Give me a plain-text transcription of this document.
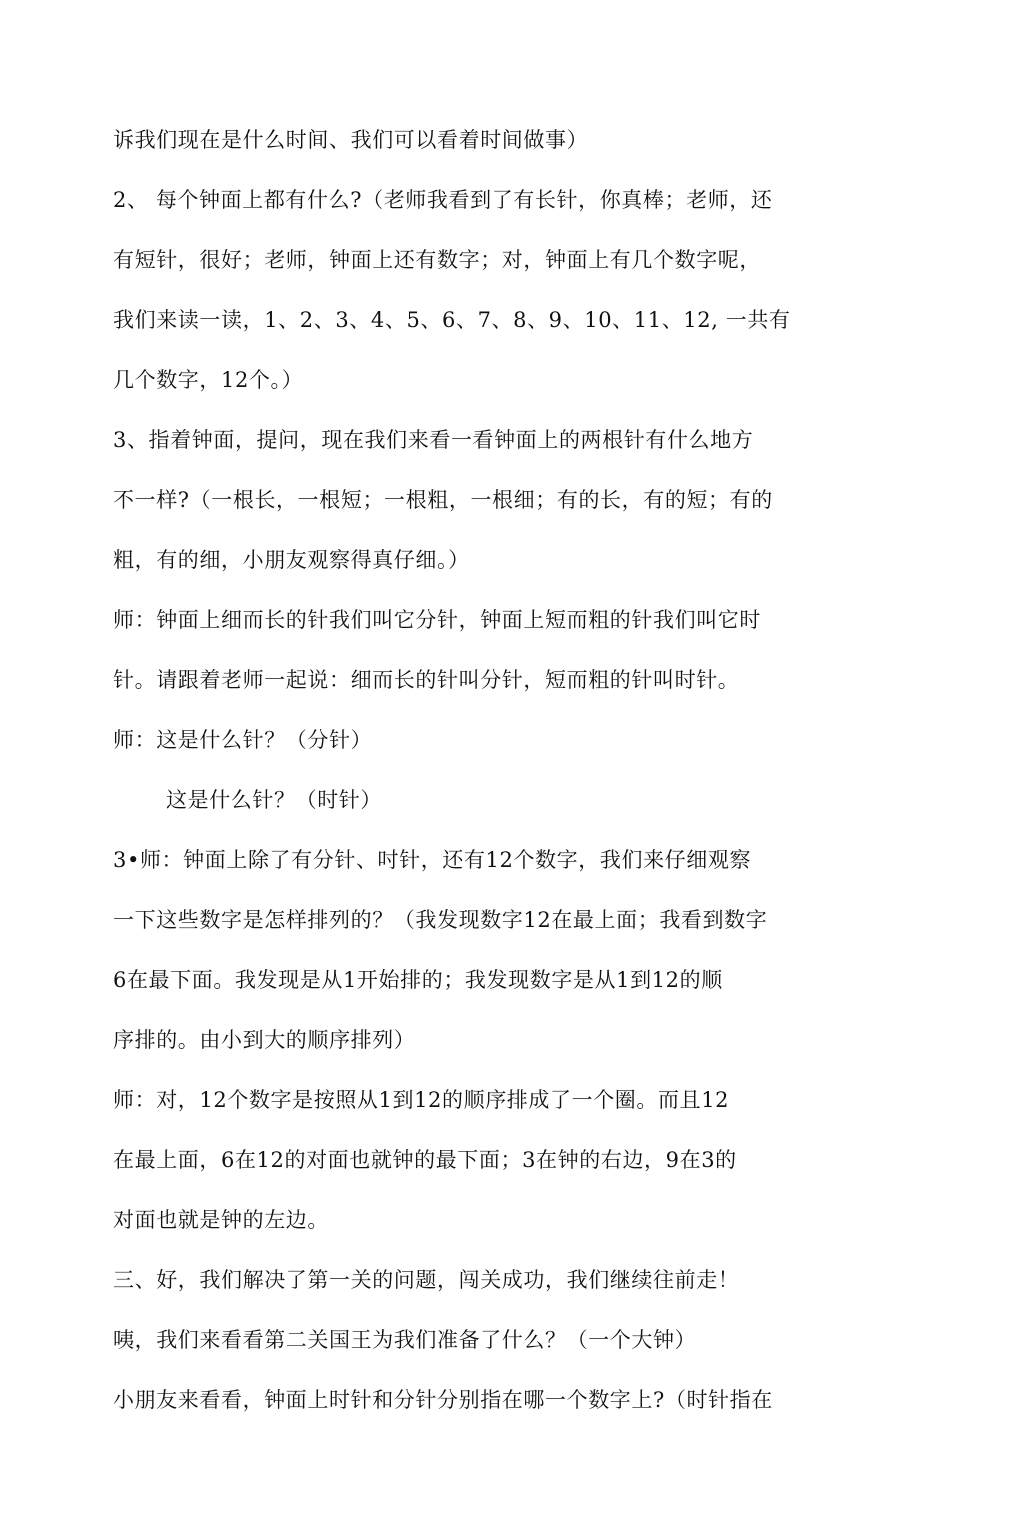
诉我们现在是什么时间、我们可以看着时间做事）
2、 每个钟面上都有什么?（老师我看到了有长针，你真棒；老师，还
有短针，很好；老师，钟面上还有数字；对，钟面上有几个数字呢，
我们来读一读，1、2、3、4、5、6、7、8、9、10、11、12, 一共有
几个数字，12个。）
3、指着钟面，提问，现在我们来看一看钟面上的两根针有什么地方
不一样?（一根长，一根短；一根粗，一根细；有的长，有的短；有的
粗，有的细，小朋友观察得真仔细。）
师：钟面上细而长的针我们叫它分针，钟面上短而粗的针我们叫它时
针。请跟着老师一起说：细而长的针叫分针，短而粗的针叫时针。
师：这是什么针？（分针）
这是什么针？（时针）
3•师：钟面上除了有分针、吋针，还有12个数字，我们来仔细观察
一下这些数字是怎样排列的？（我发现数字12在最上面；我看到数字
6在最下面。我发现是从1开始排的；我发现数字是从1到12的顺
序排的。由小到大的顺序排列）
师：对，12个数字是按照从1到12的顺序排成了一个圈。而且12
在最上面，6在12的对面也就钟的最下面；3在钟的右边，9在3的
对面也就是钟的左边。
三、好，我们解决了第一关的问题，闯关成功，我们继续往前走！
咦，我们来看看第二关国王为我们准备了什么？（一个大钟）
小朋友来看看，钟面上时针和分针分别指在哪一个数字上?（时针指在
